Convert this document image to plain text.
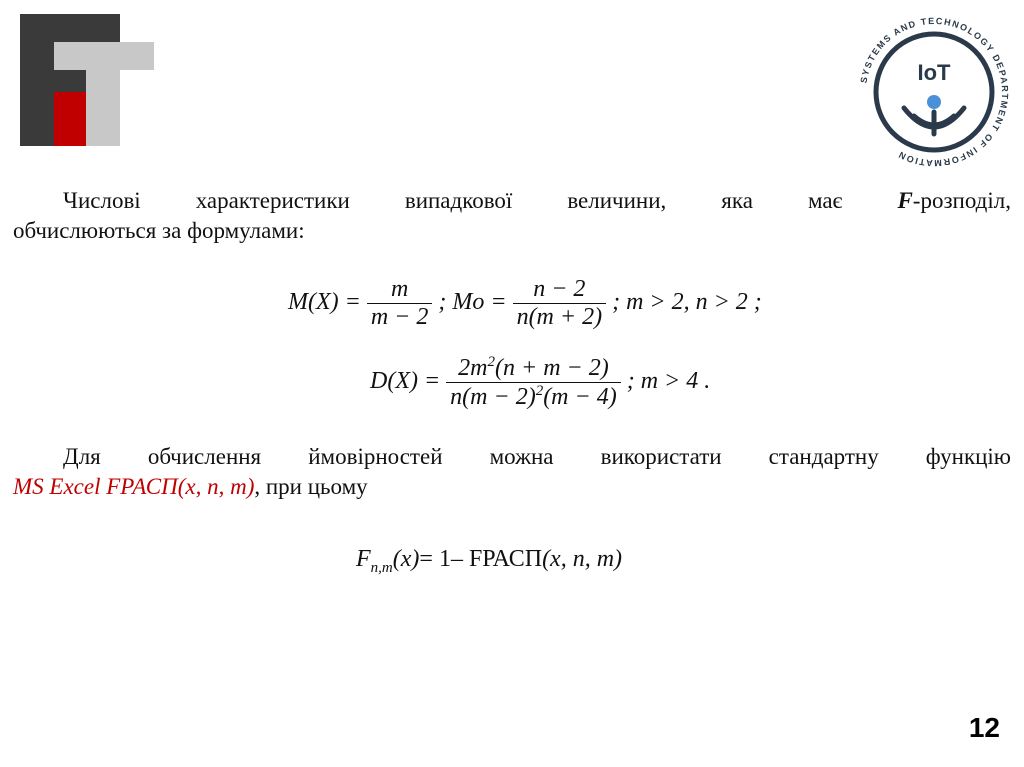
SYSTEMS AND TECHNOLOGY DEPARTMENT OF INFORMATION
IoT
Числові характеристики випадкової величини, яка має F-розподіл,
обчислюються за формулами:
$M(X) = \frac{m}{m - 2}$ ; $Mo = \frac{n - 2}{n(m + 2)}$ ; m > 2, n > 2 ;
$D(X) = \frac{2m^2(n + m - 2)}{n(m - 2)^2(m - 4)}$ ; m > 4 .
Для обчислення ймовірностей можна використати стандартну функцію
MS Excel FРАСП(x, n, m), при цьому
$F_{n,m}(x)= 1-$ FРАСП(x, n, m)
12
